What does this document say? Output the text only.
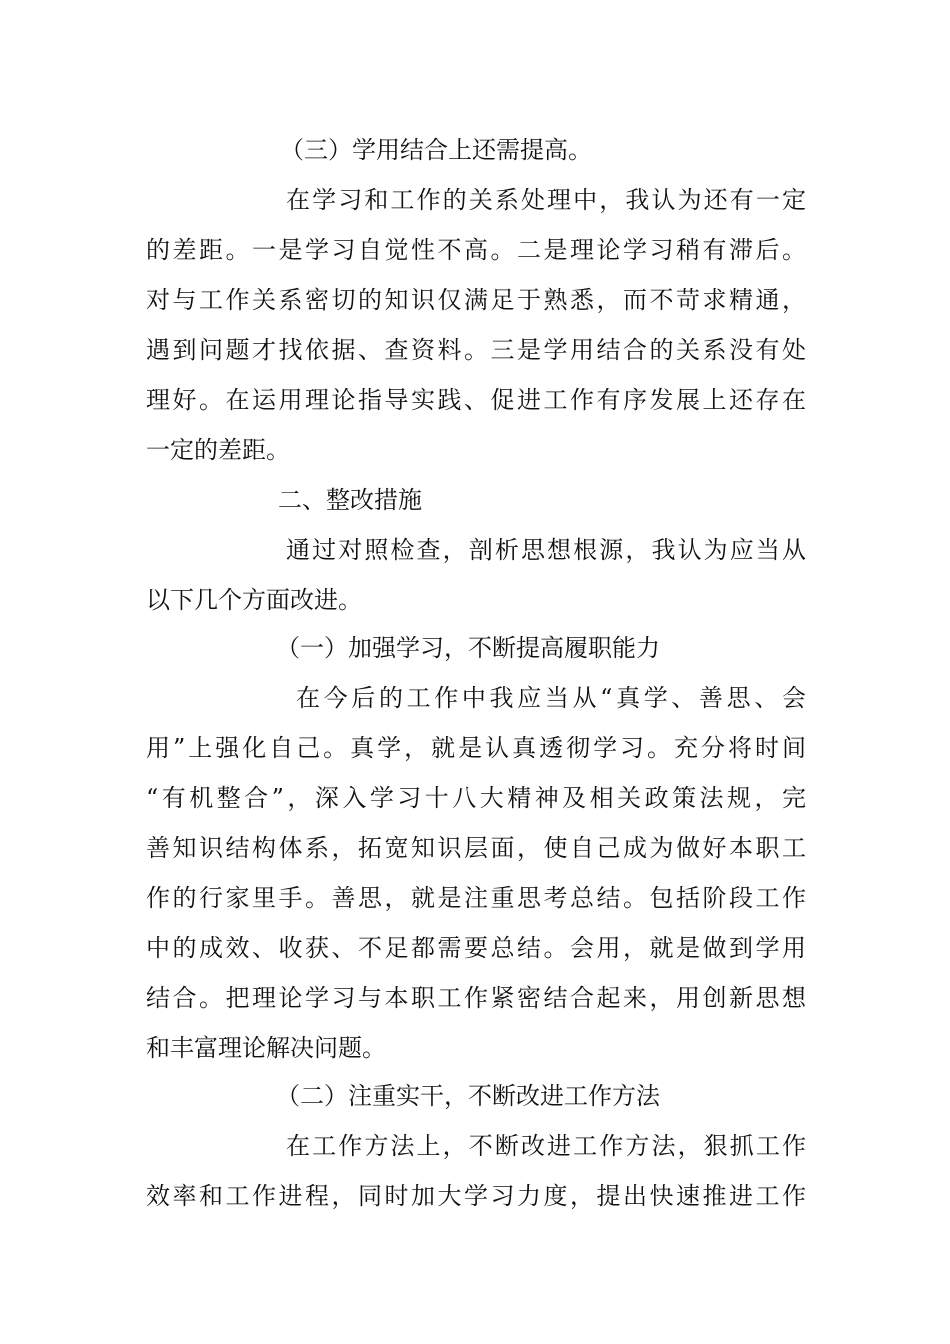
（三）学用结合上还需提高。
在学习和工作的关系处理中，我认为还有一定
的差距。一是学习自觉性不高。二是理论学习稍有滞后。
对与工作关系密切的知识仅满足于熟悉，而不苛求精通，
遇到问题才找依据、查资料。三是学用结合的关系没有处
理好。在运用理论指导实践、促进工作有序发展上还存在
一定的差距。
二、整改措施
通过对照检查，剖析思想根源，我认为应当从
以下几个方面改进。
（一）加强学习，不断提高履职能力
在今后的工作中我应当从“真学、善思、会
用”上强化自己。真学，就是认真透彻学习。充分将时间
“有机整合”，深入学习十八大精神及相关政策法规，完
善知识结构体系，拓宽知识层面，使自己成为做好本职工
作的行家里手。善思，就是注重思考总结。包括阶段工作
中的成效、收获、不足都需要总结。会用，就是做到学用
结合。把理论学习与本职工作紧密结合起来，用创新思想
和丰富理论解决问题。
（二）注重实干，不断改进工作方法
在工作方法上，不断改进工作方法，狠抓工作
效率和工作进程，同时加大学习力度，提出快速推进工作
